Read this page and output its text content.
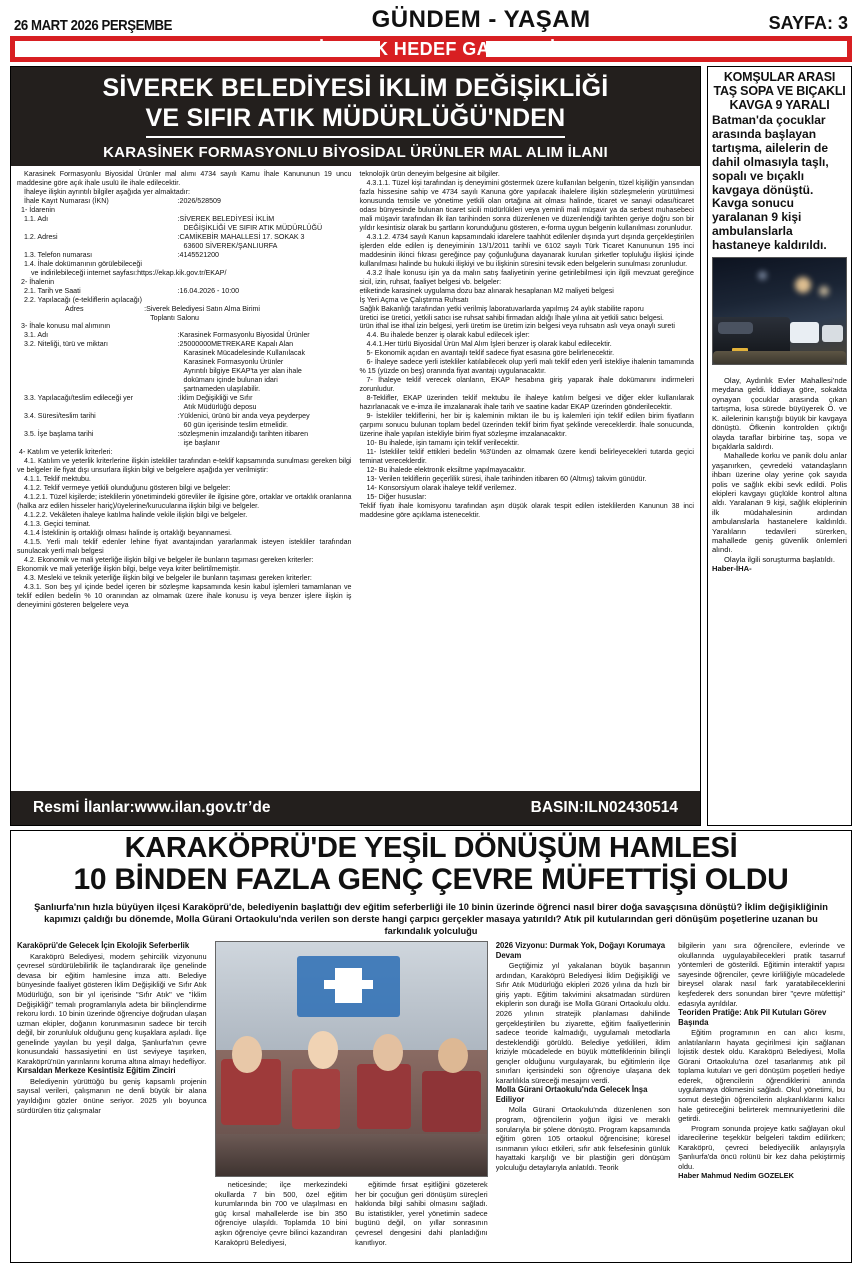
26 MART 2026 PERŞEMBE	GÜNDEM - YAŞAM	SAYFA: 3
SİVEREK HEDEF GAZETESİ
SİVEREK BELEDİYESİ İKLİM DEĞİŞİKLİĞİ
VE SIFIR ATIK MÜDÜRLÜĞÜ'NDEN
KARASİNEK FORMASYONLU BİYOSİDAL ÜRÜNLER MAL ALIM İLANI

Karasinek Formasyonlu Biyosidal Ürünler mal alımı 4734 sayılı Kamu İhale Kanununun 19 uncu maddesine göre açık ihale usulü ile ihale edilecektir.

İhaleye ilişkin ayrıntılı bilgiler aşağıda yer almaktadır:

İhale Kayıt Numarası (İKN)	:2026/528509

1- İdarenin

1.1. Adı	:SİVEREK BELEDİYESİ İKLİM
DEĞİŞİKLİĞİ VE SIFIR ATIK MÜDÜRLÜĞÜ
1.2. Adresi	:CAMİKEBİR MAHALLESİ 17. SOKAK 3
63600 SİVEREK/ŞANLIURFA
1.3. Telefon numarası	:4145521200

1.4. İhale dokümanının görülebileceği

ve indirilebileceği internet sayfası:https://ekap.kik.gov.tr/EKAP/

2- İhalenin

2.1. Tarih ve Saati	:16.04.2026 - 10:00

2.2. Yapılacağı (e-tekliflerin açılacağı)

Adres	:Siverek Belediyesi Satın Alma Birimi
Toplantı Salonu

3- İhale konusu mal alımının

3.1. Adı	:Karasinek Formasyonlu Biyosidal Ürünler
3.2. Niteliği, türü ve miktarı	:25000000METREKARE Kapalı Alan
Karasinek Mücadelesinde Kullanılacak
Karasinek Formasyonlu Ürünler
Ayrıntılı bilgiye EKAP'ta yer alan ihale
dokümanı içinde bulunan idari
şartnameden ulaşılabilir.
3.3. Yapılacağı/teslim edileceği yer	:İklim Değişikliği ve Sıfır
Atık Müdürlüğü deposu
3.4. Süresi/teslim tarihi	:Yüklenici, ürünü bir anda veya peyderpey
60 gün içerisinde teslim etmelidir.
3.5. İşe başlama tarihi	:sözleşmenin imzalandığı tarihten itibaren
işe başlanır

4- Katılım ve yeterlik kriterleri:

4.1. Katılım ve yeterlik kriterlerine ilişkin istekliler tarafından e-teklif kapsamında sunulması gereken bilgi ve belgeler ile fiyat dışı unsurlara ilişkin bilgi ve belgelere aşağıda yer verilmiştir:

4.1.1. Teklif mektubu.

4.1.2. Teklif vermeye yetkili olunduğunu gösteren bilgi ve belgeler:

4.1.2.1. Tüzel kişilerde; isteklilerin yönetimindeki görevliler ile ilgisine göre, ortaklar ve ortaklık oranlarına (halka arz edilen hisseler hariç)/üyelerine/kurucularına ilişkin bilgi ve belgeler.

4.1.2.2. Vekâleten ihaleye katılma halinde vekile ilişkin bilgi ve belgeler.

4.1.3. Geçici teminat.

4.1.4 İsteklinin iş ortaklığı olması halinde iş ortaklığı beyannamesi.

4.1.5. Yerli malı teklif edenler lehine fiyat avantajından yararlanmak isteyen istekliler tarafından sunulacak yerli malı belgesi

4.2. Ekonomik ve mali yeterliğe ilişkin bilgi ve belgeler ile bunların taşıması gereken kriterler:

Ekonomik ve mali yeterliğe ilişkin bilgi, belge veya kriter belirtilmemiştir.

4.3. Mesleki ve teknik yeterliğe ilişkin bilgi ve belgeler ile bunların taşıması gereken kriterler:

4.3.1. Son beş yıl içinde bedel içeren bir sözleşme kapsamında kesin kabul işlemleri tamamlanan ve teklif edilen bedelin % 10 oranından az olmamak üzere ihale konusu iş veya benzer işlere ilişkin iş deneyimini gösteren belgelere veya

teknolojik ürün deneyim belgesine ait bilgiler.

4.3.1.1. Tüzel kişi tarafından iş deneyimini göstermek üzere kullanılan belgenin, tüzel kişiliğin yarısından fazla hissesine sahip ve 4734 sayılı Kanuna göre yapılacak ihalelere ilişkin sözleşmelerin yürütülmesi konusunda temsile ve yönetime yetkili olan ortağına ait olması halinde, ticaret ve sanayi odası/ticaret odası bünyesinde bulunan ticaret sicili müdürlükleri veya yeminli mali müşavir ya da serbest muhasebeci mali müşavir tarafından ilk ilan tarihinden sonra düzenlenen ve düzenlendiği tarihten geriye doğru son bir yıldır kesintisiz olarak bu şartların korunduğunu gösteren, e-forma uygun belgenin kullanılması zorunludur.

4.3.1.2. 4734 sayılı Kanun kapsamındaki idarelere taahhüt edilenler dışında yurt dışında gerçekleştirilen işlerden elde edilen iş deneyiminin 13/1/2011 tarihli ve 6102 sayılı Türk Ticaret Kanununun 195 inci maddesinin ikinci fıkrası gereğince pay çoğunluğuna dayanarak kurulan şirketler topluluğu ilişkisi içinde kullanılması halinde bu hukuki ilişkiyi ve bu ilişkinin süresini tevsik eden belgelerin sunulması zorunludur.

4.3.2 İhale konusu işin ya da malın satış faaliyetinin yerine getirilebilmesi için ilgili mevzuat gereğince sicil, izin, ruhsat, faaliyet belgesi vb. belgeler:

etiketinde karasinek uygulama dozu baz alınarak hesaplanan M2 maliyeti belgesi

İş Yeri Açma ve Çalıştırma Ruhsatı

Sağlık Bakanlığı tarafından yetki verilmiş laboratuvarlarda yapılmış 24 aylık stabilite raporu

üretici ise üretici, yetkili satıcı ise ruhsat sahibi firmadan aldığı İhale yılına ait yetkili satıcı belgesi.

ürün ithal ise ithal izin belgesi, yerli üretim ise üretim izin belgesi veya ruhsatın aslı veya onaylı sureti

4.4. Bu ihalede benzer iş olarak kabul edilecek işler:

4.4.1.Her türlü Biyosidal Ürün Mal Alım İşleri benzer iş olarak kabul edilecektir.

5- Ekonomik açıdan en avantajlı teklif sadece fiyat esasına göre belirlenecektir.

6- İhaleye sadece yerli istekliler katılabilecek olup yerli malı teklif eden yerli istekliye ihalenin tamamında % 15 (yüzde on beş) oranında fiyat avantajı uygulanacaktır.

7- İhaleye teklif verecek olanların, EKAP hesabına giriş yaparak ihale dokümanını indirmeleri zorunludur.

8-Teklifler, EKAP üzerinden teklif mektubu ile ihaleye katılım belgesi ve diğer ekler kullanılarak hazırlanacak ve e-imza ile imzalanarak ihale tarih ve saatine kadar EKAP üzerinden gönderilecektir.

9- İstekliler tekliflerini, her bir iş kaleminin miktarı ile bu iş kalemleri için teklif edilen birim fiyatların çarpımı sonucu bulunan toplam bedel üzerinden teklif birim fiyat şeklinde vereceklerdir. İhale sonucunda, üzerine ihale yapılan istekliyle birim fiyat sözleşme imzalanacaktır.

10- Bu ihalede, işin tamamı için teklif verilecektir.

11- İstekliler teklif ettikleri bedelin %3'ünden az olmamak üzere kendi belirleyecekleri tutarda geçici teminat vereceklerdir.

12- Bu ihalede elektronik eksiltme yapılmayacaktır.

13- Verilen tekliflerin geçerlilik süresi, ihale tarihinden itibaren 60 (Altmış) takvim günüdür.

14- Konsorsiyum olarak ihaleye teklif verilemez.

15- Diğer hususlar:

Teklif fiyatı ihale komisyonu tarafından aşırı düşük olarak tespit edilen isteklilerden Kanunun 38 inci maddesine göre açıklama istenecektir.

Resmi İlanlar:www.ilan.gov.tr’de	BASIN:ILN02430514
KOMŞULAR ARASI
TAŞ SOPA VE BIÇAKLI
KAVGA 9 YARALI
Batman'da çocuklar arasında başlayan tartışma, ailelerin de dahil olmasıyla taşlı, sopalı ve bıçaklı kavgaya dönüştü. Kavga sonucu yaralanan 9 kişi ambulanslarla hastaneye kaldırıldı.

Olay, Aydınlık Evler Mahallesi’nde meydana geldi. İddiaya göre, sokakta oynayan çocuklar arasında çıkan tartışma, kısa sürede büyüyerek Ö. ve K. ailelerinin karıştığı büyük bir kavgaya dönüştü. Öfkenin kontrolden çıktığı olayda taraflar birbirine taş, sopa ve bıçaklarla saldırdı.

Mahallede korku ve panik dolu anlar yaşanırken, çevredeki vatandaşların ihbarı üzerine olay yerine çok sayıda polis ve sağlık ekibi sevk edildi. Polis ekipleri kavgayı güçlükle kontrol altına aldı. Yaralanan 9 kişi, sağlık ekiplerinin ilk müdahalesinin ardından ambulanslarla hastanelere kaldırıldı. Yaralıların tedavileri sürerken, mahallede geniş güvenlik önlemleri alındı.

Olayla ilgili soruşturma başlatıldı.

Haber-İHA-

KARAKÖPRÜ'DE YEŞİL DÖNÜŞÜM HAMLESİ
10 BİNDEN FAZLA GENÇ ÇEVRE MÜFETTİŞİ OLDU
Şanlıurfa'nın hızla büyüyen ilçesi Karaköprü'de, belediyenin başlattığı dev eğitim seferberliği ile 10 binin üzerinde öğrenci nasıl birer doğa savaşçısına dönüştü? İklim değişikliğinin kapımızı çaldığı bu dönemde, Molla Gürani Ortaokulu'nda verilen son derste hangi çarpıcı gerçekler masaya yatırıldı? Atık pil kutularından geri dönüşüm poşetlerine uzanan bu farkındalık yolculuğu
Karaköprü'de Gelecek İçin Ekolojik Seferberlik

Karaköprü Belediyesi, modern şehircilik vizyonunu çevresel sürdürülebilirlik ile taçlandırarak ilçe genelinde devasa bir eğitim hamlesine imza attı. Belediye bünyesinde faaliyet gösteren İklim Değişikliği ve Sıfır Atık Müdürlüğü, son bir yıl içerisinde "Sıfır Atık" ve "İklim Değişikliği" temalı programlarıyla adeta bir bilinçlendirme rekoru kırdı. 10 binin üzerinde öğrenciye doğrudan ulaşan uzman ekipler, doğanın korunmasının sadece bir tercih değil, bir zorunluluk olduğunu genç kuşaklara aşıladı. İlçe genelinde yayılan bu yeşil dalga, Şanlıurfa'nın çevre konusundaki hassasiyetini en üst seviyeye taşırken, Karaköprü'nün yarınlarını koruma altına almayı hedefliyor.

Kırsaldan Merkeze Kesintisiz Eğitim Zinciri

Belediyenin yürüttüğü bu geniş kapsamlı projenin sayısal verileri, çalışmanın ne denli büyük bir alana yayıldığını gözler önüne seriyor. 2025 yılı boyunca sürdürülen titiz çalışmalar

neticesinde; ilçe merkezindeki okullarda 7 bin 500, özel eğitim kurumlarında bin 700 ve ulaşılması en güç kırsal mahallelerde ise bin 350 öğrenciye ulaşıldı. Toplamda 10 bini aşkın öğrenciye çevre bilinci kazandıran Karaköprü Belediyesi,

eğitimde fırsat eşitliğini gözeterek her bir çocuğun geri dönüşüm süreçleri hakkında bilgi sahibi olmasını sağladı. Bu istatistikler, yerel yönetimin sadece bugünü değil, on yıllar sonrasının çevresel dengesini dahi planladığını kanıtlıyor.

2026 Vizyonu: Durmak Yok, Doğayı Korumaya Devam

Geçtiğimiz yıl yakalanan büyük başarının ardından, Karaköprü Belediyesi İklim Değişikliği ve Sıfır Atık Müdürlüğü ekipleri 2026 yılına da hızlı bir giriş yaptı. Eğitim takvimini aksatmadan sürdüren ekiplerin son durağı ise Molla Gürani Ortaokulu oldu. 2026 yılının stratejik planlaması dahilinde gerçekleştirilen bu ziyarette, eğitim faaliyetlerinin sadece teoride kalmadığı, uygulamalı metodlarla desteklendiği görüldü. Belediye yetkilileri, iklim kriziyle mücadelede en büyük müttefiklerinin bilinçli gençler olduğunu vurgulayarak, bu eğitimlerin ilçe sınırları içerisindeki son öğrenciye ulaşana dek kararlılıkla süreceği mesajını verdi.

Molla Gürani Ortaokulu'nda Gelecek İnşa Ediliyor

Molla Gürani Ortaokulu'nda düzenlenen son program, öğrencilerin yoğun ilgisi ve meraklı sorularıyla bir şölene dönüştü. Program kapsamında eğitim gören 105 ortaokul öğrencisine; küresel ısınmanın yıkıcı etkileri, sıfır atık felsefesinin günlük hayattaki karşılığı ve bir plastiğin geri dönüşüm yolculuğu detaylarıyla anlatıldı. Teorik

bilgilerin yanı sıra öğrencilere, evlerinde ve okullarında uygulayabilecekleri pratik tasarruf yöntemleri de gösterildi. Eğitimin interaktif yapısı sayesinde öğrenciler, çevre kirliliğiyle mücadelede bireysel olarak nasıl fark yaratabileceklerini keşfederek ders sonundan birer "çevre müfettişi" edasıyla ayrıldılar.

Teoriden Pratiğe: Atık Pil Kutuları Görev Başında

Eğitim programının en can alıcı kısmı, anlatılanların hayata geçirilmesi için sağlanan lojistik destek oldu. Karaköprü Belediyesi, Molla Gürani Ortaokulu'na özel tasarlanmış atık pil toplama kutuları ve geri dönüşüm poşetleri hediye ederek, öğrencilerin öğrendiklerini anında uygulamaya dökmesini sağladı. Okul yönetimi, bu somut desteğin öğrencilerin alışkanlıklarını kalıcı hale getireceğini belirterek memnuniyetlerini dile getirdi.

Program sonunda projeye katkı sağlayan okul idarecilerine teşekkür belgeleri takdim edilirken; Karaköprü, çevreci belediyecilik anlayışıyla Şanlıurfa'da öncü rolünü bir kez daha pekiştirmiş oldu.

Haber Mahmud Nedim GOZELEK
